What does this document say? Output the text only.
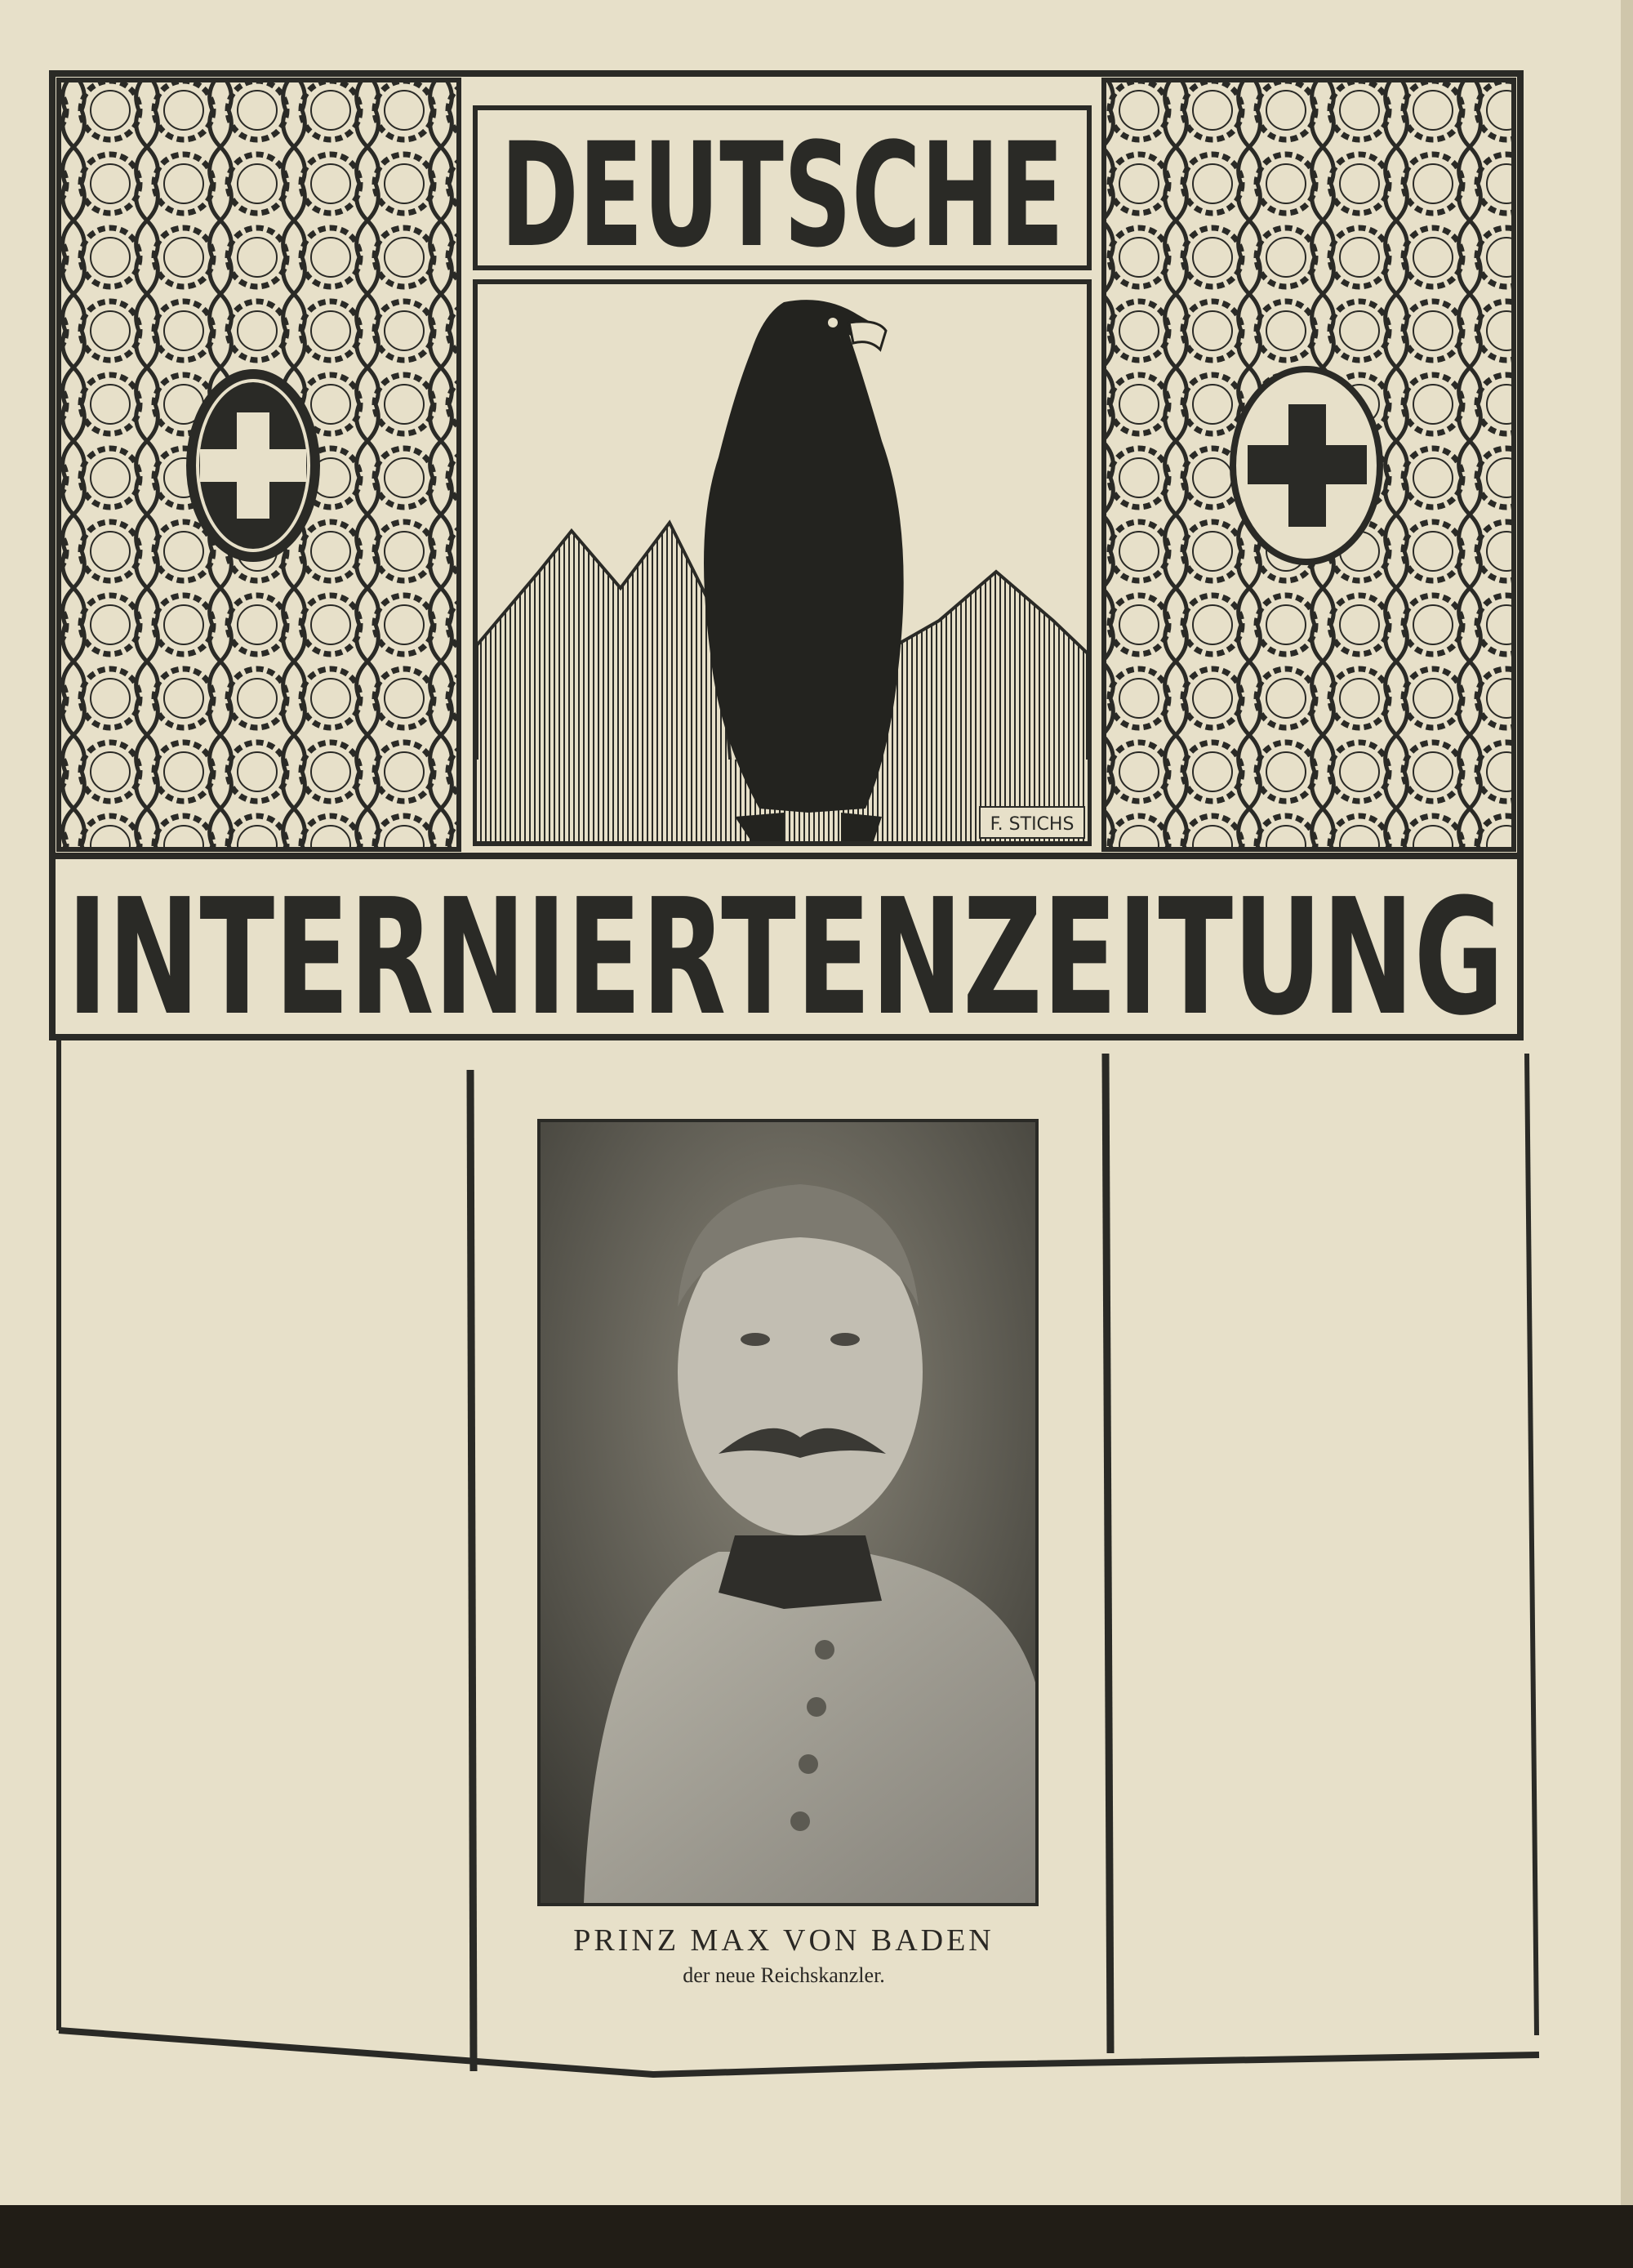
DEUTSCHE
F. STICHS
INTERNIERTENZEITUNG
PRINZ MAX VON BADEN
der neue Reichskanzler.
